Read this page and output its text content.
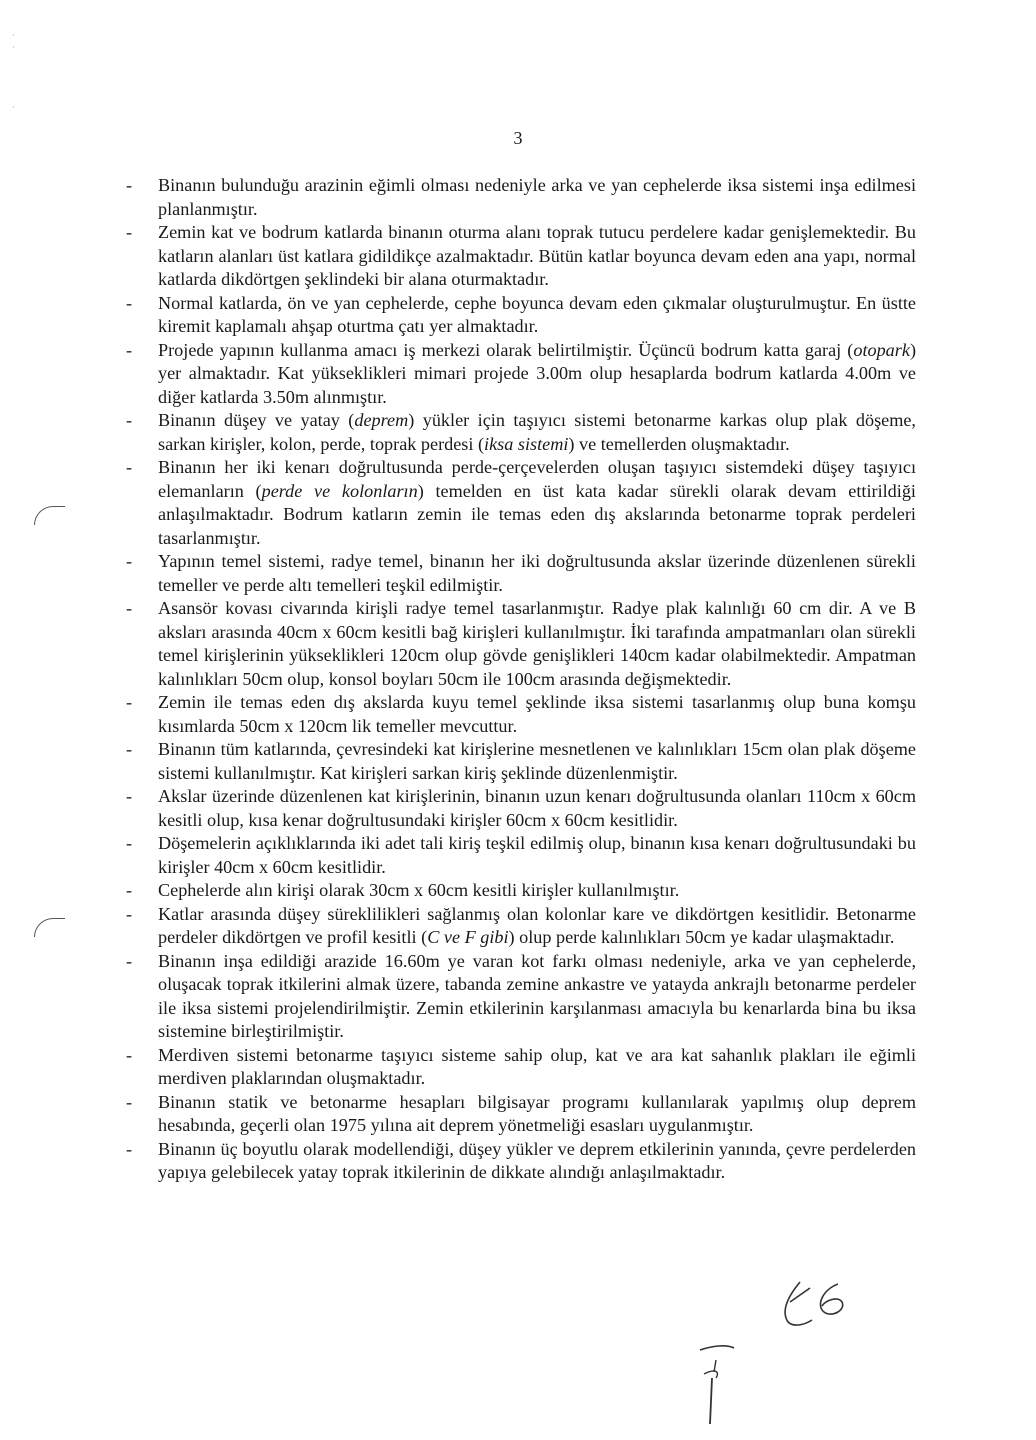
·
·

·
3
- Binanın bulunduğu arazinin eğimli olması nedeniyle arka ve yan cephelerde iksa sistemi inşa edilmesi planlanmıştır.
- Zemin kat ve bodrum katlarda binanın oturma alanı toprak tutucu perdelere kadar genişlemektedir. Bu katların alanları üst katlara gidildikçe azalmaktadır. Bütün katlar boyunca devam eden ana yapı, normal katlarda dikdörtgen şeklindeki bir alana oturmaktadır.
- Normal katlarda, ön ve yan cephelerde, cephe boyunca devam eden çıkmalar oluşturulmuştur. En üstte kiremit kaplamalı ahşap oturtma çatı yer almaktadır.
- Projede yapının kullanma amacı iş merkezi olarak belirtilmiştir. Üçüncü bodrum katta garaj (otopark) yer almaktadır. Kat yükseklikleri mimari projede 3.00m olup hesaplarda bodrum katlarda 4.00m ve diğer katlarda 3.50m alınmıştır.
- Binanın düşey ve yatay (deprem) yükler için taşıyıcı sistemi betonarme karkas olup plak döşeme, sarkan kirişler, kolon, perde, toprak perdesi (iksa sistemi) ve temellerden oluşmaktadır.
- Binanın her iki kenarı doğrultusunda perde-çerçevelerden oluşan taşıyıcı sistemdeki düşey taşıyıcı elemanların (perde ve kolonların) temelden en üst kata kadar sürekli olarak devam ettirildiği anlaşılmaktadır. Bodrum katların zemin ile temas eden dış akslarında betonarme toprak perdeleri tasarlanmıştır.
- Yapının temel sistemi, radye temel, binanın her iki doğrultusunda akslar üzerinde düzenlenen sürekli temeller ve perde altı temelleri teşkil edilmiştir.
- Asansör kovası civarında kirişli radye temel tasarlanmıştır. Radye plak kalınlığı 60 cm dir. A ve B aksları arasında 40cm x 60cm kesitli bağ kirişleri kullanılmıştır. İki tarafında ampatmanları olan sürekli temel kirişlerinin yükseklikleri 120cm olup gövde genişlikleri 140cm kadar olabilmektedir. Ampatman kalınlıkları 50cm olup, konsol boyları 50cm ile 100cm arasında değişmektedir.
- Zemin ile temas eden dış akslarda kuyu temel şeklinde iksa sistemi tasarlanmış olup buna komşu kısımlarda 50cm x 120cm lik temeller mevcuttur.
- Binanın tüm katlarında, çevresindeki kat kirişlerine mesnetlenen ve kalınlıkları 15cm olan plak döşeme sistemi kullanılmıştır. Kat kirişleri sarkan kiriş şeklinde düzenlenmiştir.
- Akslar üzerinde düzenlenen kat kirişlerinin, binanın uzun kenarı doğrultusunda olanları 110cm x 60cm kesitli olup, kısa kenar doğrultusundaki kirişler 60cm x 60cm kesitlidir.
- Döşemelerin açıklıklarında iki adet tali kiriş teşkil edilmiş olup, binanın kısa kenarı doğrultusundaki bu kirişler 40cm x 60cm kesitlidir.
- Cephelerde alın kirişi olarak 30cm x 60cm kesitli kirişler kullanılmıştır.
- Katlar arasında düşey süreklilikleri sağlanmış olan kolonlar kare ve dikdörtgen kesitlidir. Betonarme perdeler dikdörtgen ve profil kesitli (C ve F gibi) olup perde kalınlıkları 50cm ye kadar ulaşmaktadır.
- Binanın inşa edildiği arazide 16.60m ye varan kot farkı olması nedeniyle, arka ve yan cephelerde, oluşacak toprak itkilerini almak üzere, tabanda zemine ankastre ve yatayda ankrajlı betonarme perdeler ile iksa sistemi projelendirilmiştir. Zemin etkilerinin karşılanması amacıyla bu kenarlarda bina bu iksa sistemine birleştirilmiştir.
- Merdiven sistemi betonarme taşıyıcı sisteme sahip olup, kat ve ara kat sahanlık plakları ile eğimli merdiven plaklarından oluşmaktadır.
- Binanın statik ve betonarme hesapları bilgisayar programı kullanılarak yapılmış olup deprem hesabında, geçerli olan 1975 yılına ait deprem yönetmeliği esasları uygulanmıştır.
- Binanın üç boyutlu olarak modellendiği, düşey yükler ve deprem etkilerinin yanında, çevre perdelerden yapıya gelebilecek yatay toprak itkilerinin de dikkate alındığı anlaşılmaktadır.
